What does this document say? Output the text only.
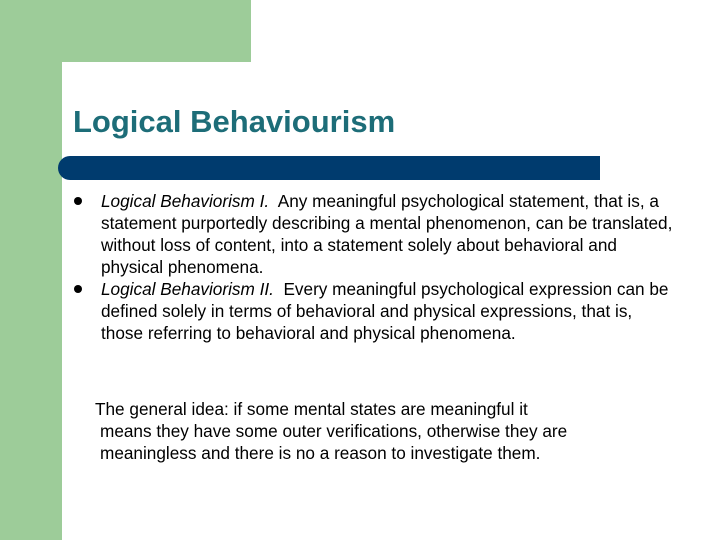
Logical Behaviourism
Logical Behaviorism I.  Any meaningful psychological statement, that is, a statement purportedly describing a mental phenomenon, can be translated, without loss of content, into a statement solely about behavioral and physical phenomena.
Logical Behaviorism II.  Every meaningful psychological expression can be defined solely in terms of behavioral and physical expressions, that is, those referring to behavioral and physical phenomena.

The general idea: if some mental states are meaningful it
means they have some outer verifications, otherwise they are
meaningless and there is no a reason to investigate them.
